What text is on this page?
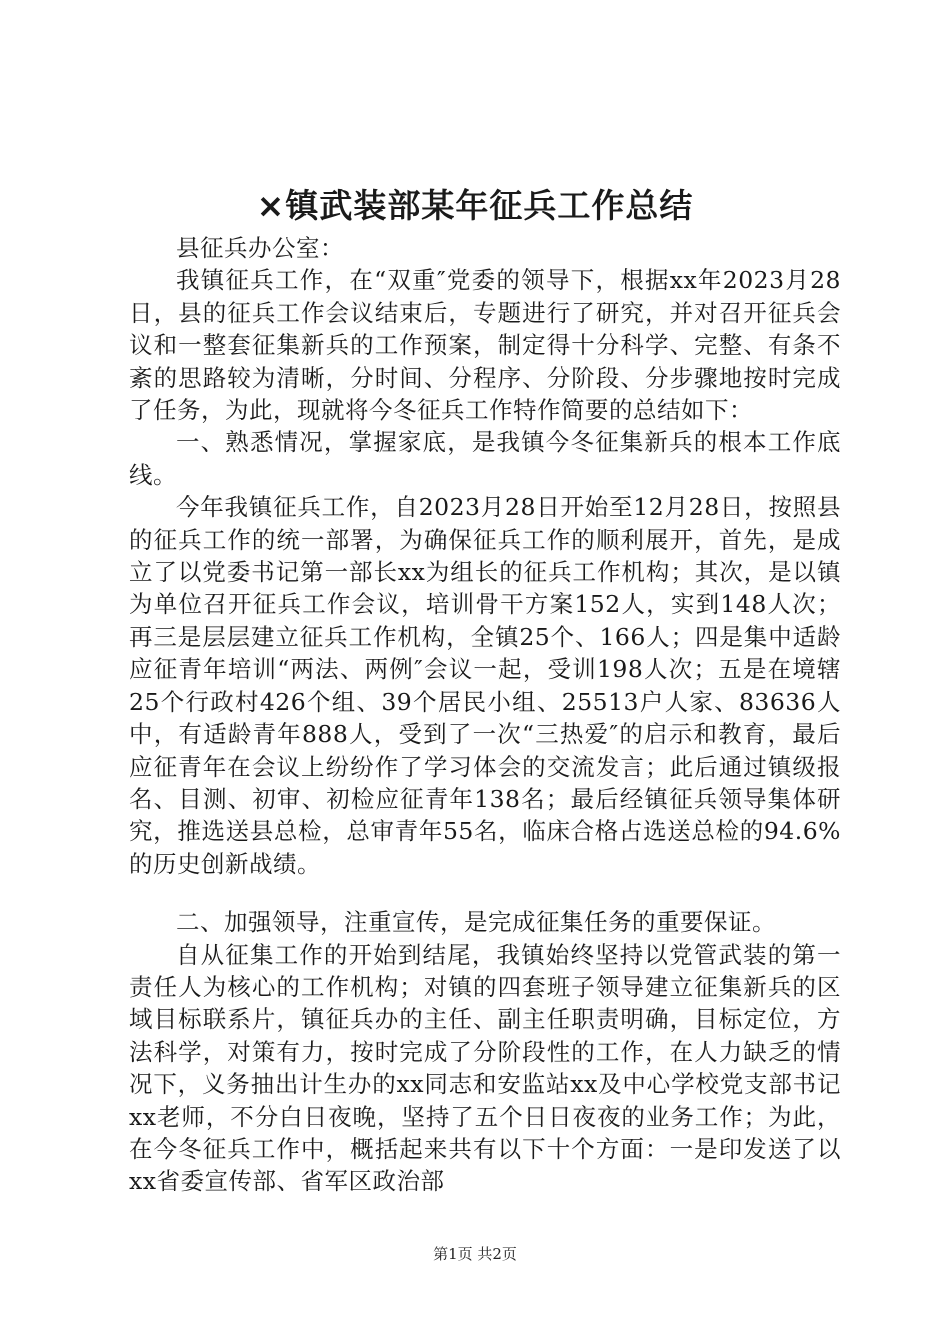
×镇武装部某年征兵工作总结

县征兵办公室：

我镇征兵工作，在“双重″党委的领导下，根据xx年2023月28日，县的征兵工作会议结束后，专题进行了研究，并对召开征兵会议和一整套征集新兵的工作预案，制定得十分科学、完整、有条不紊的思路较为清晰，分时间、分程序、分阶段、分步骤地按时完成了任务，为此，现就将今冬征兵工作特作简要的总结如下：

一、熟悉情况，掌握家底，是我镇今冬征集新兵的根本工作底线。

今年我镇征兵工作，自2023月28日开始至12月28日，按照县的征兵工作的统一部署，为确保征兵工作的顺利展开，首先，是成立了以党委书记第一部长xx为组长的征兵工作机构；其次，是以镇为单位召开征兵工作会议，培训骨干方案152人，实到148人次；再三是层层建立征兵工作机构，全镇25个、166人；四是集中适龄应征青年培训“两法、两例″会议一起，受训198人次；五是在境辖25个行政村426个组、39个居民小组、25513户人家、83636人中，有适龄青年888人，受到了一次“三热爱″的启示和教育，最后应征青年在会议上纷纷作了学习体会的交流发言；此后通过镇级报名、目测、初审、初检应征青年138名；最后经镇征兵领导集体研究，推选送县总检，总审青年55名，临床合格占选送总检的94.6%的历史创新战绩。

二、加强领导，注重宣传，是完成征集任务的重要保证。

自从征集工作的开始到结尾，我镇始终坚持以党管武装的第一责任人为核心的工作机构；对镇的四套班子领导建立征集新兵的区域目标联系片，镇征兵办的主任、副主任职责明确，目标定位，方法科学，对策有力，按时完成了分阶段性的工作，在人力缺乏的情况下，义务抽出计生办的xx同志和安监站xx及中心学校党支部书记xx老师，不分白日夜晚，坚持了五个日日夜夜的业务工作；为此，在今冬征兵工作中，概括起来共有以下十个方面：一是印发送了以xx省委宣传部、省军区政治部

第1页 共2页
